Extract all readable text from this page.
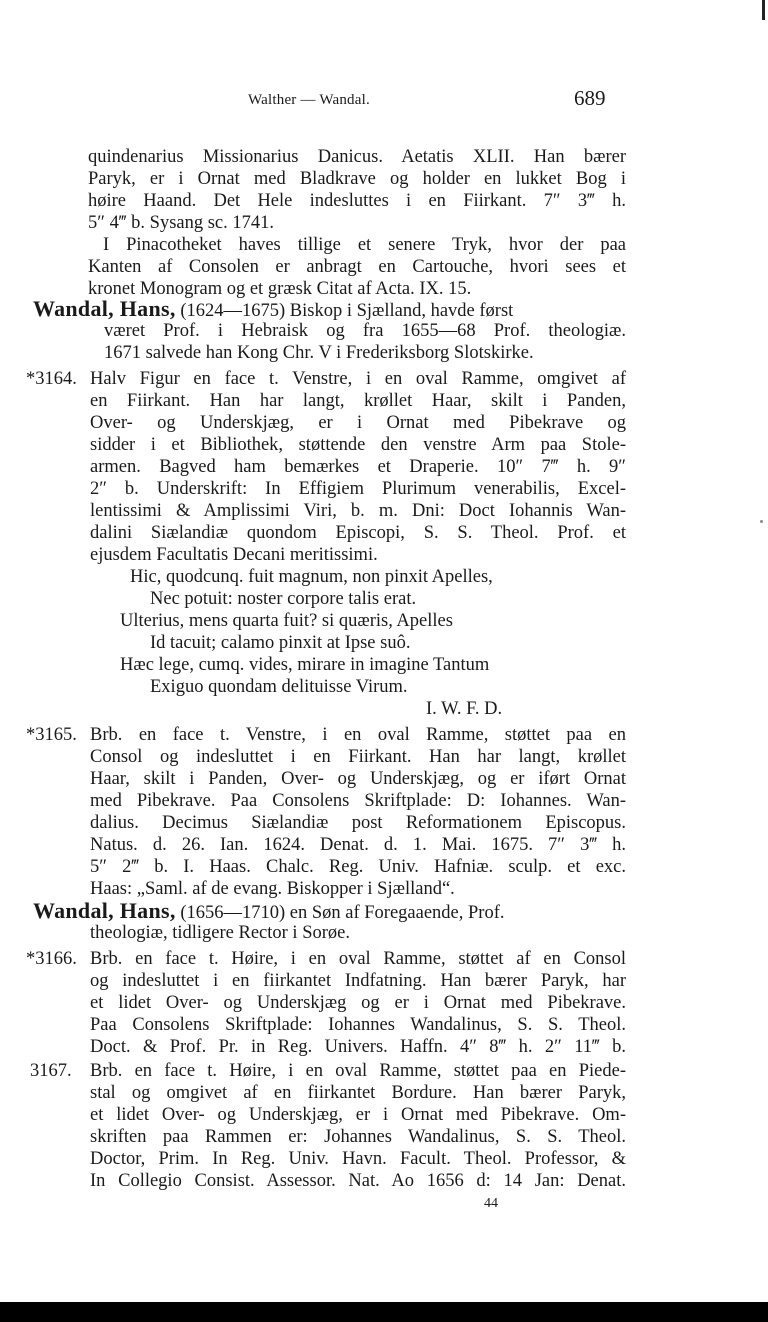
Walther — Wandal.	689
quindenarius Missionarius Danicus. Aetatis XLII. Han bærer
Paryk, er i Ornat med Bladkrave og holder en lukket Bog i
høire Haand. Det Hele indesluttes i en Fiirkant. 7″ 3‴ h.
5″ 4‴ b. Sysang sc. 1741.
I Pinacotheket haves tillige et senere Tryk, hvor der paa
Kanten af Consolen er anbragt en Cartouche, hvori sees et
kronet Monogram og et græsk Citat af Acta. IX. 15.
Wandal, Hans, (1624—1675) Biskop i Sjælland, havde først
været Prof. i Hebraisk og fra 1655—68 Prof. theologiæ.
1671 salvede han Kong Chr. V i Frederiksborg Slotskirke.
*3164. Halv Figur en face t. Venstre, i en oval Ramme, omgivet af
en Fiirkant. Han har langt, krøllet Haar, skilt i Panden,
Over- og Underskjæg, er i Ornat med Pibekrave og
sidder i et Bibliothek, støttende den venstre Arm paa Stole-
armen. Bagved ham bemærkes et Draperie. 10″ 7‴ h. 9″
2″ b. Underskrift: In Effigiem Plurimum venerabilis, Excel-
lentissimi & Amplissimi Viri, b. m. Dni: Doct Iohannis Wan-
dalini Siælandiæ quondom Episcopi, S. S. Theol. Prof. et
ejusdem Facultatis Decani meritissimi.
Hic, quodcunq. fuit magnum, non pinxit Apelles,
Nec potuit: noster corpore talis erat.
Ulterius, mens quarta fuit? si quæris, Apelles
Id tacuit; calamo pinxit at Ipse suô.
Hæc lege, cumq. vides, mirare in imagine Tantum
Exiguo quondam delituisse Virum.
I. W. F. D.
*3165. Brb. en face t. Venstre, i en oval Ramme, støttet paa en
Consol og indesluttet i en Fiirkant. Han har langt, krøllet
Haar, skilt i Panden, Over- og Underskjæg, og er iført Ornat
med Pibekrave. Paa Consolens Skriftplade: D: Iohannes. Wan-
dalius. Decimus Siælandiæ post Reformationem Episcopus.
Natus. d. 26. Ian. 1624. Denat. d. 1. Mai. 1675. 7″ 3‴ h.
5″ 2‴ b. I. Haas. Chalc. Reg. Univ. Hafniæ. sculp. et exc.
Haas: „Saml. af de evang. Biskopper i Sjælland“.
Wandal, Hans, (1656—1710) en Søn af Foregaaende, Prof.
theologiæ, tidligere Rector i Sorøe.
*3166. Brb. en face t. Høire, i en oval Ramme, støttet af en Consol
og indesluttet i en fiirkantet Indfatning. Han bærer Paryk, har
et lidet Over- og Underskjæg og er i Ornat med Pibekrave.
Paa Consolens Skriftplade: Iohannes Wandalinus, S. S. Theol.
Doct. & Prof. Pr. in Reg. Univers. Haffn. 4″ 8‴ h. 2″ 11‴ b.
3167. Brb. en face t. Høire, i en oval Ramme, støttet paa en Piede-
stal og omgivet af en fiirkantet Bordure. Han bærer Paryk,
et lidet Over- og Underskjæg, er i Ornat med Pibekrave. Om-
skriften paa Rammen er: Johannes Wandalinus, S. S. Theol.
Doctor, Prim. In Reg. Univ. Havn. Facult. Theol. Professor, &
In Collegio Consist. Assessor. Nat. Ao 1656 d: 14 Jan: Denat.
44
